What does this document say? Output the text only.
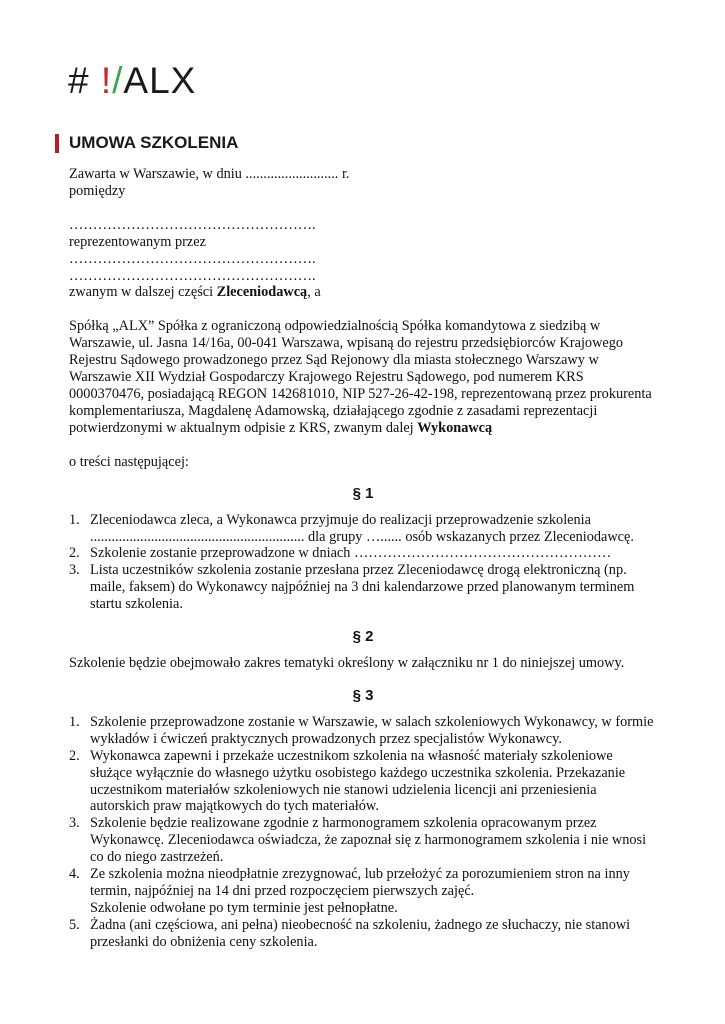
# !/ALX
UMOWA SZKOLENIA

Zawarta w Warszawie, w dniu .......................... r.

pomiędzy

…………………………………………….

reprezentowanym przez

…………………………………………….

…………………………………………….

zwanym w dalszej części Zleceniodawcą, a

Spółką „ALX” Spółka z ograniczoną odpowiedzialnością Spółka komandytowa z siedzibą w Warszawie, ul. Jasna 14/16a, 00-041 Warszawa, wpisaną do rejestru przedsiębiorców Krajowego Rejestru Sądowego prowadzonego przez Sąd Rejonowy dla miasta stołecznego Warszawy w Warszawie XII Wydział Gospodarczy Krajowego Rejestru Sądowego, pod numerem KRS 0000370476, posiadającą REGON 142681010, NIP 527-26-42-198, reprezentowaną przez prokurenta komplementariusza, Magdalenę Adamowską, działającego zgodnie z zasadami reprezentacji potwierdzonymi w aktualnym odpisie z KRS, zwanym dalej Wykonawcą

o treści następującej:

§ 1

1. Zleceniodawca zleca, a Wykonawca przyjmuje do realizacji przeprowadzenie szkolenia ............................................................ dla grupy …...... osób wskazanych przez Zleceniodawcę.
2. Szkolenie zostanie przeprowadzone w dniach ………………………………………………
3. Lista uczestników szkolenia zostanie przesłana przez Zleceniodawcę drogą elektroniczną (np. maile, faksem) do Wykonawcy najpóźniej na 3 dni kalendarzowe przed planowanym terminem startu szkolenia.

§ 2

Szkolenie będzie obejmowało zakres tematyki określony w załączniku nr 1 do niniejszej umowy.

§ 3

1. Szkolenie przeprowadzone zostanie w Warszawie, w salach szkoleniowych Wykonawcy, w formie wykładów i ćwiczeń praktycznych prowadzonych przez specjalistów Wykonawcy.
2. Wykonawca zapewni i przekaże uczestnikom szkolenia na własność materiały szkoleniowe służące wyłącznie do własnego użytku osobistego każdego uczestnika szkolenia. Przekazanie uczestnikom materiałów szkoleniowych nie stanowi udzielenia licencji ani przeniesienia autorskich praw majątkowych do tych materiałów.
3. Szkolenie będzie realizowane zgodnie z harmonogramem szkolenia opracowanym przez Wykonawcę. Zleceniodawca oświadcza, że zapoznał się z harmonogramem szkolenia i nie wnosi co do niego zastrzeżeń.
4. Ze szkolenia można nieodpłatnie zrezygnować, lub przełożyć za porozumieniem stron na inny termin, najpóźniej na 14 dni przed rozpoczęciem pierwszych zajęć.
Szkolenie odwołane po tym terminie jest pełnopłatne.
5. Żadna (ani częściowa, ani pełna) nieobecność na szkoleniu, żadnego ze słuchaczy, nie stanowi przesłanki do obniżenia ceny szkolenia.
